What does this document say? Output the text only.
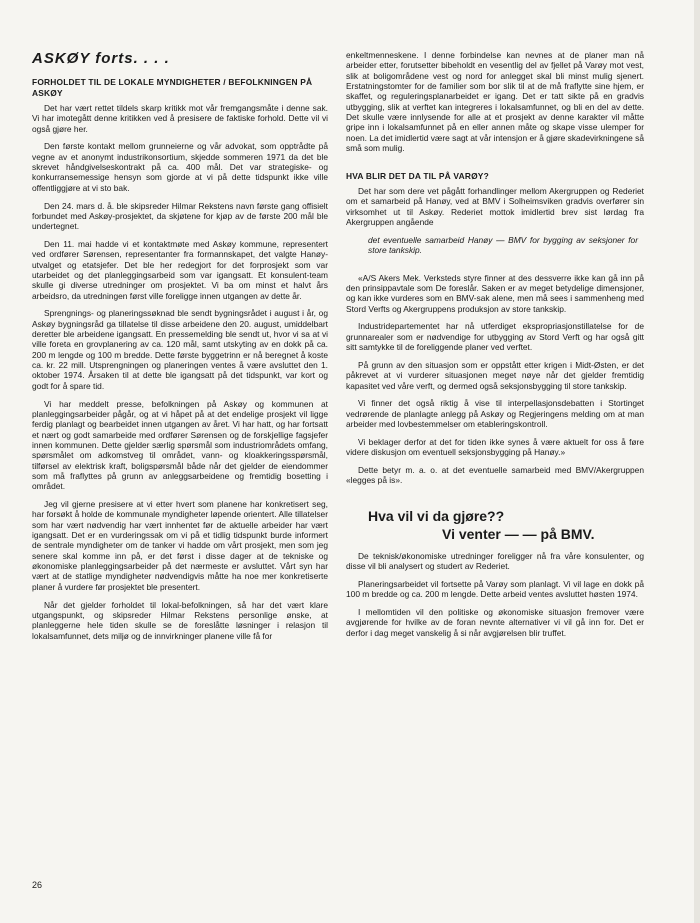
ASKØY forts. . . .
FORHOLDET TIL DE LOKALE MYNDIGHETER / BEFOLKNINGEN PÅ ASKØY

Det har vært rettet tildels skarp kritikk mot vår fremgangsmåte i denne sak. Vi har imotegått denne kritikken ved å presisere de faktiske forhold. Dette vil vi også gjøre her.

Den første kontakt mellom grunneierne og vår advokat, som opptrådte på vegne av et anonymt industrikonsortium, skjedde sommeren 1971 da det ble skrevet håndgivelseskontrakt på ca. 400 mål. Det var strategiske- og konkurransemessige hensyn som gjorde at vi på dette tidspunkt ikke ville offentliggjøre at vi sto bak.

Den 24. mars d. å. ble skipsreder Hilmar Rekstens navn første gang offisielt forbundet med Askøy-prosjektet, da skjøtene for kjøp av de første 200 mål ble undertegnet.

Den 11. mai hadde vi et kontaktmøte med Askøy kommune, representert ved ordfører Sørensen, representanter fra formannskapet, det valgte Hanøy-utvalget og etatsjefer. Det ble her redegjort for det forprosjekt som var utarbeidet og det planleggingsarbeid som var igangsatt. Et konsulent-team skulle gi diverse utredninger om prosjektet. Vi ba om minst et halvt års arbeidsro, da utredningen først ville foreligge innen utgangen av dette år.

Sprengnings- og planeringssøknad ble sendt bygningsrådet i august i år, og Askøy bygningsråd ga tillatelse til disse arbeidene den 20. august, umiddelbart deretter ble arbeidene igangsatt. En pressemelding ble sendt ut, hvor vi sa at vi ville foreta en grovplanering av ca. 120 mål, samt utskyting av en dokk på ca. 200 m lengde og 100 m bredde. Dette første byggetrinn er nå beregnet å koste ca. kr. 22 mill. Utsprengningen og planeringen ventes å være avsluttet den 1. oktober 1974. Årsaken til at dette ble igangsatt på det tidspunkt, var kort og godt for å spare tid.

Vi har meddelt presse, befolkningen på Askøy og kommunen at planleggingsarbeider pågår, og at vi håpet på at det endelige prosjekt vil ligge ferdig planlagt og bearbeidet innen utgangen av året. Vi har hatt, og har fortsatt et nært og godt samarbeide med ordfører Sørensen og de forskjellige fagsjefer innen kommunen. Dette gjelder særlig spørsmål som industriområdets omfang, spørsmålet om adkomstveg til området, vann- og kloakkeringsspørsmål, tilførsel av elektrisk kraft, boligspørsmål både når det gjelder de eiendommer som må fraflyttes på grunn av anleggsarbeidene og fremtidig bosetting i området.

Jeg vil gjerne presisere at vi etter hvert som planene har konkretisert seg, har forsøkt å holde de kommunale myndigheter løpende orientert. Alle tillatelser som har vært nødvendig har vært innhentet før de aktuelle arbeider har vært igangsatt. Det er en vurderingssak om vi på et tidlig tidspunkt burde informert de sentrale myndigheter om de tanker vi hadde om vårt prosjekt, men som jeg senere skal komme inn på, er det først i disse dager at de tekniske og økonomiske planleggingsarbeider på det nærmeste er avsluttet. Vårt syn har vært at de statlige myndigheter nødvendigvis måtte ha noe mer konkretiserte planer å vurdere før prosjektet ble presentert.

Når det gjelder forholdet til lokal-befolkningen, så har det vært klare utgangspunkt, og skipsreder Hilmar Rekstens personlige ønske, at planleggerne hele tiden skulle se de foreslåtte løsninger i relasjon til lokalsamfunnet, dets miljø og de innvirkninger planene ville få for

enkeltmenneskene. I denne forbindelse kan nevnes at de planer man nå arbeider etter, forutsetter bibeholdt en vesentlig del av fjellet på Varøy mot vest, slik at boligområdene vest og nord for anlegget skal bli minst mulig sjenert. Erstatningstomter for de familier som bor slik til at de må fraflytte sine hjem, er skaffet, og reguleringsplanarbeidet er igang. Det er tatt sikte på en gradvis utbygging, slik at verftet kan integreres i lokalsamfunnet, og bli en del av dette. Det skulle være innlysende for alle at et prosjekt av denne karakter vil måtte gripe inn i lokalsamfunnet på en eller annen måte og skape visse ulemper for noen. La det imidlertid være sagt at vår intensjon er å gjøre skadevirkningene så små som mulig.

HVA BLIR DET DA TIL PÅ VARØY?

Det har som dere vet pågått forhandlinger mellom Akergruppen og Rederiet om et samarbeid på Hanøy, ved at BMV i Solheimsviken gradvis overfører sin virksomhet ut til Askøy. Rederiet mottok imidlertid brev sist lørdag fra Akergruppen angående

det eventuelle samarbeid Hanøy — BMV for bygging av seksjoner for store tankskip.

«A/S Akers Mek. Verksteds styre finner at des dessverre ikke kan gå inn på den prinsippavtale som De foreslår. Saken er av meget betydelige dimensjoner, og kan ikke vurderes som en BMV-sak alene, men må sees i sammenheng med Stord Verfts og Akergruppens produksjon av store tankskip.

Industridepartementet har nå utferdiget ekspropriasjonstillatelse for de grunnarealer som er nødvendige for utbygging av Stord Verft og har også gitt sitt samtykke til de foreliggende planer ved verftet.

På grunn av den situasjon som er oppstått etter krigen i Midt-Østen, er det påkrevet at vi vurderer situasjonen meget nøye når det gjelder fremtidig kapasitet ved våre verft, og dermed også seksjonsbygging til store tankskip.

Vi finner det også riktig å vise til interpellasjonsdebatten i Stortinget vedrørende de planlagte anlegg på Askøy og Regjeringens melding om at man arbeider med lovbestemmelser om etableringskontroll.

Vi beklager derfor at det for tiden ikke synes å være aktuelt for oss å føre videre diskusjon om eventuell seksjonsbygging på Hanøy.»

Dette betyr m. a. o. at det eventuelle samarbeid med BMV/Akergruppen «legges på is».

Hva vil vi da gjøre??
Vi venter — — på BMV.

De teknisk/økonomiske utredninger foreligger nå fra våre konsulenter, og disse vil bli analysert og studert av Rederiet.

Planeringsarbeidet vil fortsette på Varøy som planlagt. Vi vil lage en dokk på 100 m bredde og ca. 200 m lengde. Dette arbeid ventes avsluttet høsten 1974.

I mellomtiden vil den politiske og økonomiske situasjon fremover være avgjørende for hvilke av de foran nevnte alternativer vi vil gå inn for. Det er derfor i dag meget vanskelig å si når avgjørelsen blir truffet.

26
